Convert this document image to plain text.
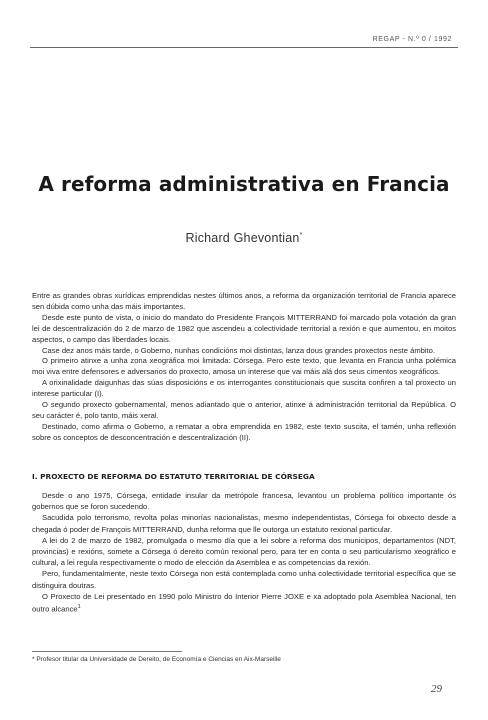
REGAP - N.º 0 / 1992
A reforma administrativa en Francia
Richard Ghevontian*

Entre as grandes obras xurídicas emprendidas nestes últimos anos, a reforma da organización territorial de Francia aparece sen dúbida como unha das máis importantes.

Desde este punto de vista, o inicio do mandato do Presidente François MITTERRAND foi marcado pola votación da gran lei de descentralización do 2 de marzo de 1982 que ascendeu a colectividade territorial a rexión e que aumentou, en moitos aspectos, o campo das liberdades locais.

Case dez anos máis tarde, o Goberno, nunhas condicións moi distintas, lanza dous grandes proxectos neste ámbito.

O primeiro atinxe a unha zona xeográfica moi limitada: Córsega. Pero este texto, que levanta en Francia unha polémica moi viva entre defensores e adversarios do proxecto, amosa un interese que vai máis alá dos seus cimentos xeográficos.

A orixinalidade daigunhas das súas disposicións e os interrogantes constitucionais que suscita confiren a tal proxecto un interese particular (I).

O segundo proxecto gobernamental, menos adiantado que o anterior, atinxe á administración territorial da República. O seu carácter é, polo tanto, máis xeral.

Destinado, como afirma o Goberno, a rematar a obra emprendida en 1982, este texto suscita, el tamén, unha reflexión sobre os conceptos de desconcentración e descentralización (II).

I. PROXECTO DE REFORMA DO ESTATUTO TERRITORIAL DE CÓRSEGA

Desde o ano 1975, Córsega, entidade insular da metrópole francesa, levantou un problema político importante ós gobernos que se foron sucedendo.

Sacudida polo terrorismo, revolta polas minorías nacionalistas, mesmo independentistas, Córsega foi obxecto desde a chegada ó poder de François MITTERRAND, dunha reforma que lle outorga un estatuto rexional particular.

A lei do 2 de marzo de 1982, promulgada o mesmo día que a lei sobre a reforma dos municipos, departamentos (NDT, provincias) e rexións, somete a Córsega ó dereito común rexional pero, para ter en conta o seu particularismo xeográfico e cultural, a lei regula respectivamente o modo de elección da Asemblea e as competencias da rexión.

Pero, fundamentalmente, neste texto Córsega non está contemplada como unha colectividade territorial específica que se distinguira doutras.

O Proxecto de Lei presentado en 1990 polo Ministro do Interior Pierre JOXE e xa adoptado pola Asemblea Nacional, ten outro alcance$^1$

* Profesor titular da Universidade de Dereito, de Economía e Ciencias en Aix-Marseille
29
